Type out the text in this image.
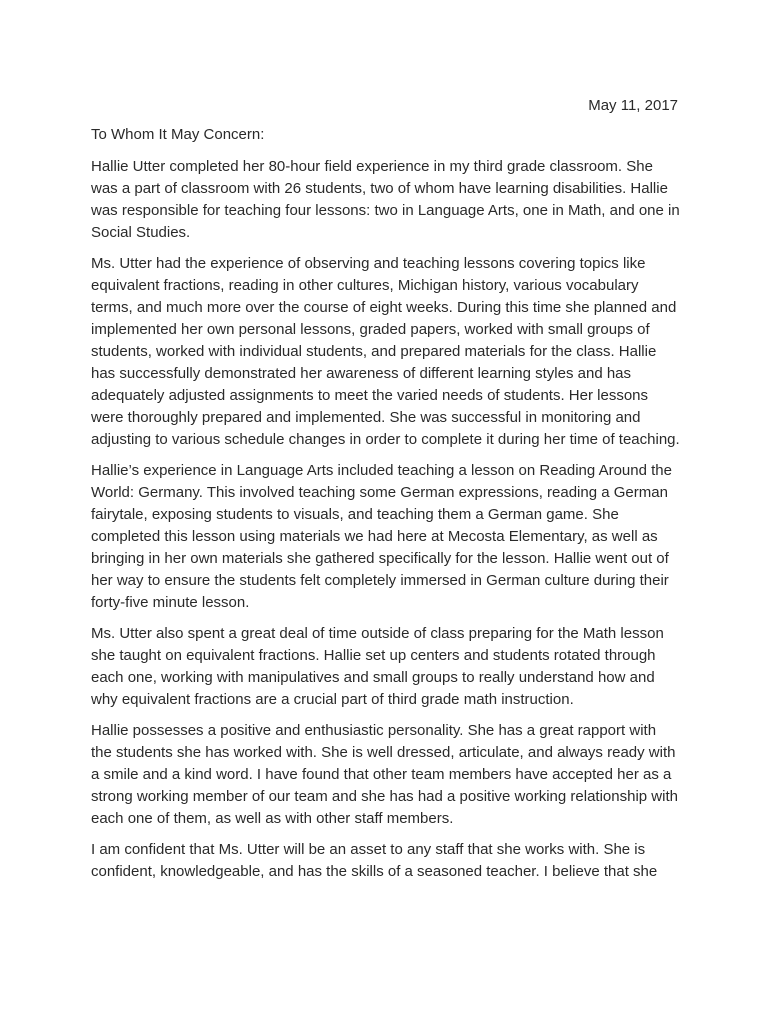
May 11, 2017
To Whom It May Concern:

Hallie Utter completed her 80-hour field experience in my third grade classroom. She was a part of classroom with 26 students, two of whom have learning disabilities. Hallie was responsible for teaching four lessons: two in Language Arts, one in Math, and one in Social Studies.

Ms. Utter had the experience of observing and teaching lessons covering topics like equivalent fractions, reading in other cultures, Michigan history, various vocabulary terms, and much more over the course of eight weeks. During this time she planned and implemented her own personal lessons, graded papers, worked with small groups of students, worked with individual students, and prepared materials for the class. Hallie has successfully demonstrated her awareness of different learning styles and has adequately adjusted assignments to meet the varied needs of students. Her lessons were thoroughly prepared and implemented. She was successful in monitoring and adjusting to various schedule changes in order to complete it during her time of teaching.

Hallie’s experience in Language Arts included teaching a lesson on Reading Around the World: Germany. This involved teaching some German expressions, reading a German fairytale, exposing students to visuals, and teaching them a German game. She completed this lesson using materials we had here at Mecosta Elementary, as well as bringing in her own materials she gathered specifically for the lesson. Hallie went out of her way to ensure the students felt completely immersed in German culture during their forty-five minute lesson.

Ms. Utter also spent a great deal of time outside of class preparing for the Math lesson she taught on equivalent fractions. Hallie set up centers and students rotated through each one, working with manipulatives and small groups to really understand how and why equivalent fractions are a crucial part of third grade math instruction.

Hallie possesses a positive and enthusiastic personality. She has a great rapport with the students she has worked with. She is well dressed, articulate, and always ready with a smile and a kind word. I have found that other team members have accepted her as a strong working member of our team and she has had a positive working relationship with each one of them, as well as with other staff members.

I am confident that Ms. Utter will be an asset to any staff that she works with. She is confident, knowledgeable, and has the skills of a seasoned teacher. I believe that she
